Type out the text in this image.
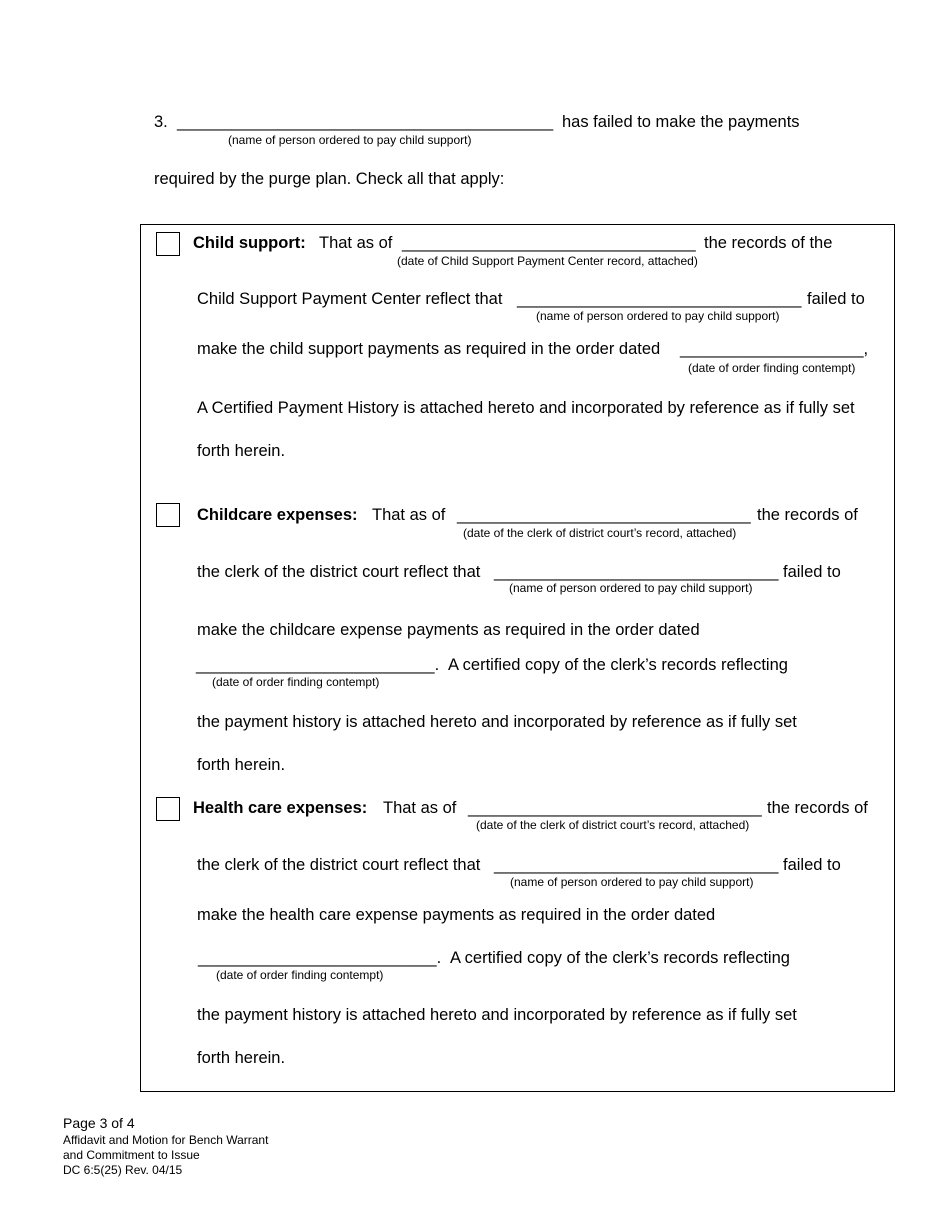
3. _________________________________________ has failed to make the payments
(name of person ordered to pay child support)
required by the purge plan. Check all that apply:
Child support: That as of ________________________________ the records of the
(date of Child Support Payment Center record, attached)
Child Support Payment Center reflect that _______________________________ failed to
(name of person ordered to pay child support)
make the child support payments as required in the order dated ____________________,
(date of order finding contempt)
A Certified Payment History is attached hereto and incorporated by reference as if fully set
forth herein.
Childcare expenses: That as of ________________________________ the records of
(date of the clerk of district court’s record, attached)
the clerk of the district court reflect that _______________________________ failed to
(name of person ordered to pay child support)
make the childcare expense payments as required in the order dated
__________________________. A certified copy of the clerk’s records reflecting
(date of order finding contempt)
the payment history is attached hereto and incorporated by reference as if fully set
forth herein.
Health care expenses: That as of ________________________________ the records of
(date of the clerk of district court’s record, attached)
the clerk of the district court reflect that _______________________________ failed to
(name of person ordered to pay child support)
make the health care expense payments as required in the order dated
__________________________. A certified copy of the clerk’s records reflecting
(date of order finding contempt)
the payment history is attached hereto and incorporated by reference as if fully set
forth herein.
Page 3 of 4
Affidavit and Motion for Bench Warrant
and Commitment to Issue
DC 6:5(25) Rev. 04/15
